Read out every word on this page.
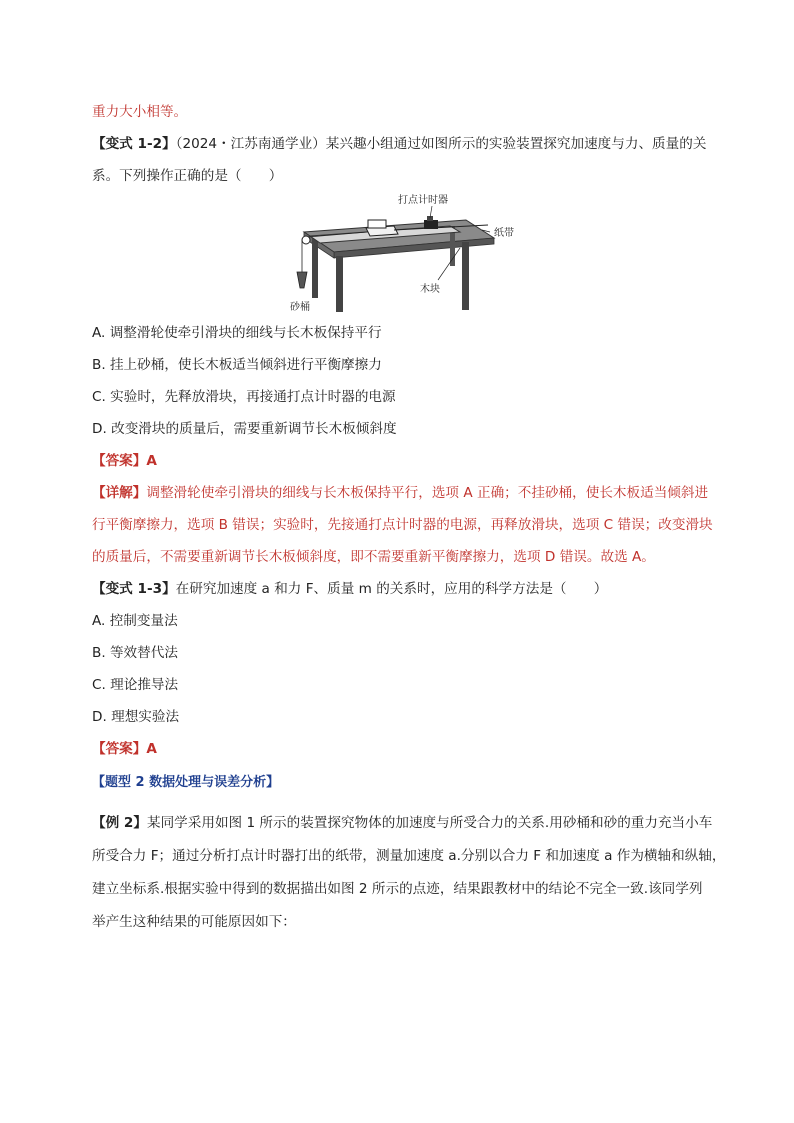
重力大小相等。
【变式 1-2】（2024・江苏南通学业）某兴趣小组通过如图所示的实验装置探究加速度与力、质量的关
系。下列操作正确的是（　　）
打点计时器
纸带
木块
砂桶
A. 调整滑轮使牵引滑块的细线与长木板保持平行
B. 挂上砂桶，使长木板适当倾斜进行平衡摩擦力
C. 实验时，先释放滑块，再接通打点计时器的电源
D. 改变滑块的质量后，需要重新调节长木板倾斜度
【答案】A
【详解】调整滑轮使牵引滑块的细线与长木板保持平行，选项 A 正确；不挂砂桶，使长木板适当倾斜进
行平衡摩擦力，选项 B 错误；实验时，先接通打点计时器的电源，再释放滑块，选项 C 错误；改变滑块
的质量后，不需要重新调节长木板倾斜度，即不需要重新平衡摩擦力，选项 D 错误。故选 A。
【变式 1-3】在研究加速度 a 和力 F、质量 m 的关系时，应用的科学方法是（　　）
A. 控制变量法
B. 等效替代法
C. 理论推导法
D. 理想实验法
【答案】A
【题型 2 数据处理与误差分析】
【例 2】某同学采用如图 1 所示的装置探究物体的加速度与所受合力的关系.用砂桶和砂的重力充当小车
所受合力 F；通过分析打点计时器打出的纸带，测量加速度 a.分别以合力 F 和加速度 a 作为横轴和纵轴，
建立坐标系.根据实验中得到的数据描出如图 2 所示的点迹，结果跟教材中的结论不完全一致.该同学列
举产生这种结果的可能原因如下：
